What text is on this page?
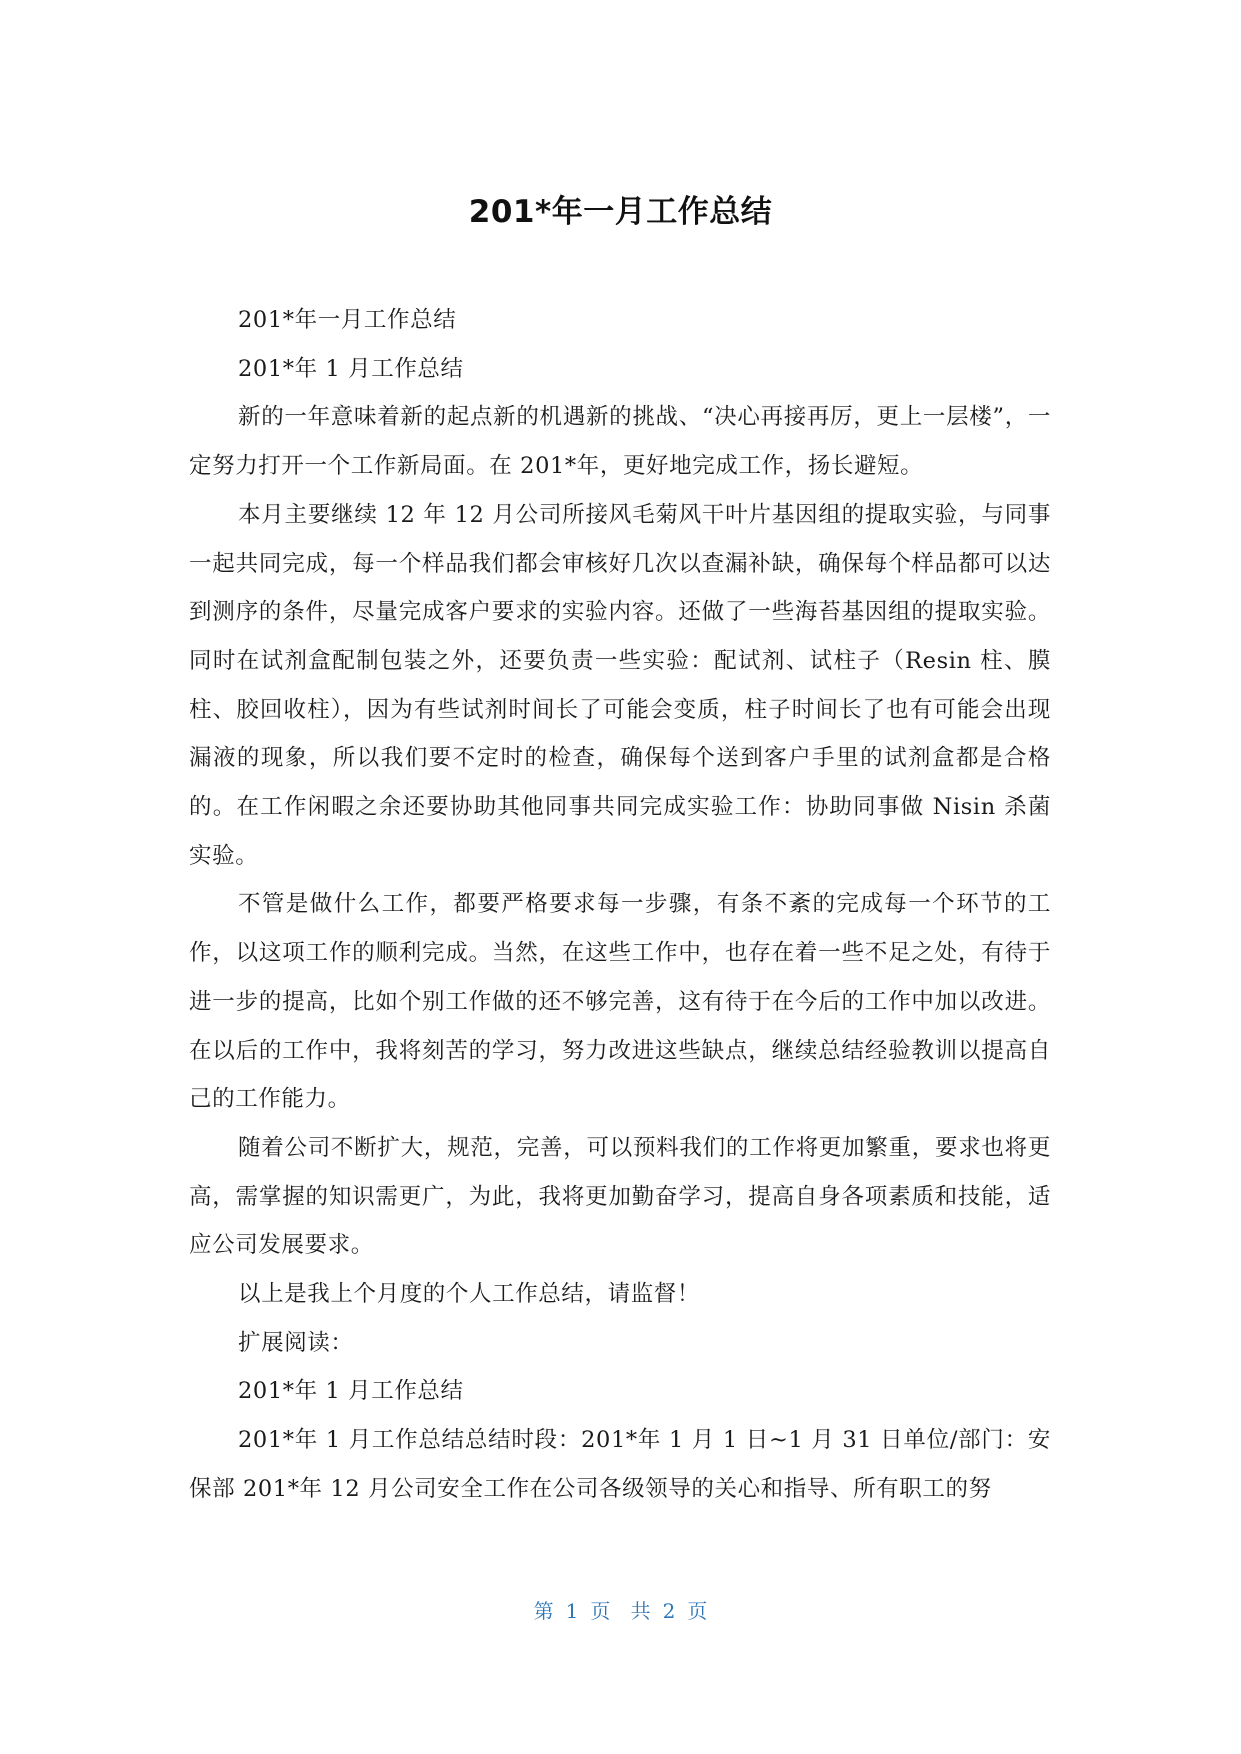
201*年一月工作总结

201*年一月工作总结

201*年 1 月工作总结

新的一年意味着新的起点新的机遇新的挑战、“决心再接再厉，更上一层楼”，一定努力打开一个工作新局面。在 201*年，更好地完成工作，扬长避短。

本月主要继续 12 年 12 月公司所接风毛菊风干叶片基因组的提取实验，与同事一起共同完成，每一个样品我们都会审核好几次以查漏补缺，确保每个样品都可以达到测序的条件，尽量完成客户要求的实验内容。还做了一些海苔基因组的提取实验。同时在试剂盒配制包装之外，还要负责一些实验：配试剂、试柱子（Resin 柱、膜柱、胶回收柱），因为有些试剂时间长了可能会变质，柱子时间长了也有可能会出现漏液的现象，所以我们要不定时的检查，确保每个送到客户手里的试剂盒都是合格的。在工作闲暇之余还要协助其他同事共同完成实验工作：协助同事做 Nisin 杀菌实验。

不管是做什么工作，都要严格要求每一步骤，有条不紊的完成每一个环节的工作，以这项工作的顺利完成。当然，在这些工作中，也存在着一些不足之处，有待于进一步的提高，比如个别工作做的还不够完善，这有待于在今后的工作中加以改进。在以后的工作中，我将刻苦的学习，努力改进这些缺点，继续总结经验教训以提高自己的工作能力。

随着公司不断扩大，规范，完善，可以预料我们的工作将更加繁重，要求也将更高，需掌握的知识需更广，为此，我将更加勤奋学习，提高自身各项素质和技能，适应公司发展要求。

以上是我上个月度的个人工作总结，请监督！

扩展阅读：

201*年 1 月工作总结

201*年 1 月工作总结总结时段：201*年 1 月 1 日~1 月 31 日单位/部门：安保部 201*年 12 月公司安全工作在公司各级领导的关心和指导、所有职工的努

第 1 页 共 2 页
